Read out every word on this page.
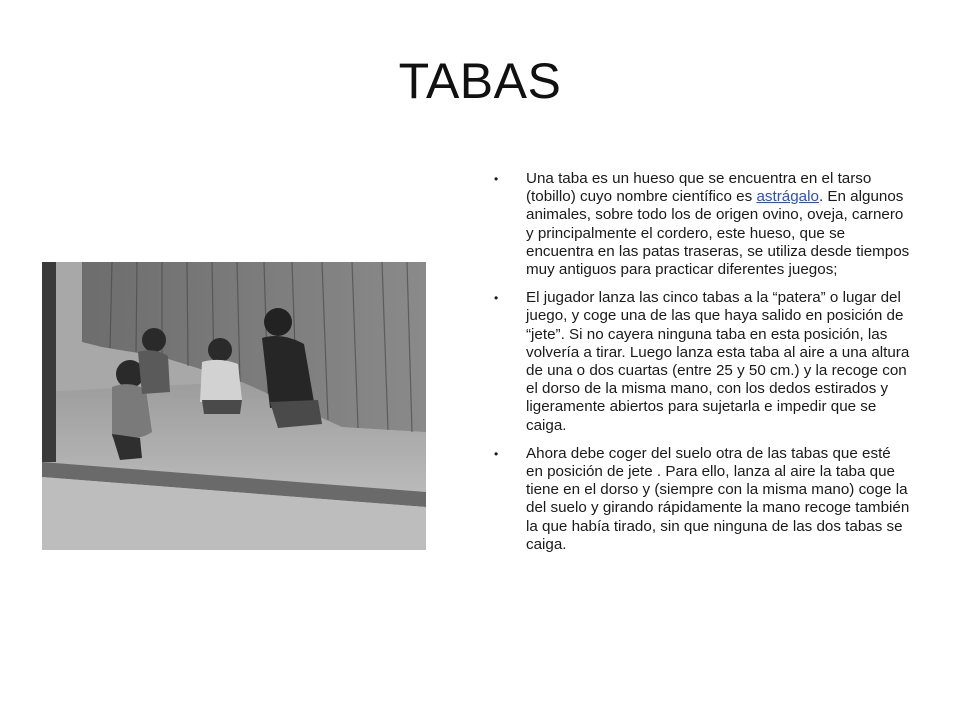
TABAS
• Una taba es un hueso que se encuentra en el tarso (tobillo) cuyo nombre científico es astrágalo. En algunos animales, sobre todo los de origen ovino, oveja, carnero y principalmente el cordero, este hueso, que se encuentra en las patas traseras, se utiliza desde tiempos muy antiguos para practicar diferentes juegos;
• El jugador lanza las cinco tabas a la “patera” o lugar del juego, y coge una de las que haya salido en posición de “jete”. Si no cayera ninguna taba en esta posición, las volvería a tirar. Luego lanza esta taba al aire a una altura de una o dos cuartas (entre 25 y 50 cm.) y la recoge con el dorso de la misma mano, con los dedos estirados y ligeramente abiertos para sujetarla e impedir que se caiga.
• Ahora debe coger del suelo otra de las tabas que esté en posición de jete . Para ello, lanza al aire la taba que tiene en el dorso y (siempre con la misma mano) coge la del suelo y girando rápidamente la mano recoge también la que había tirado, sin que ninguna de las dos tabas se caiga.
